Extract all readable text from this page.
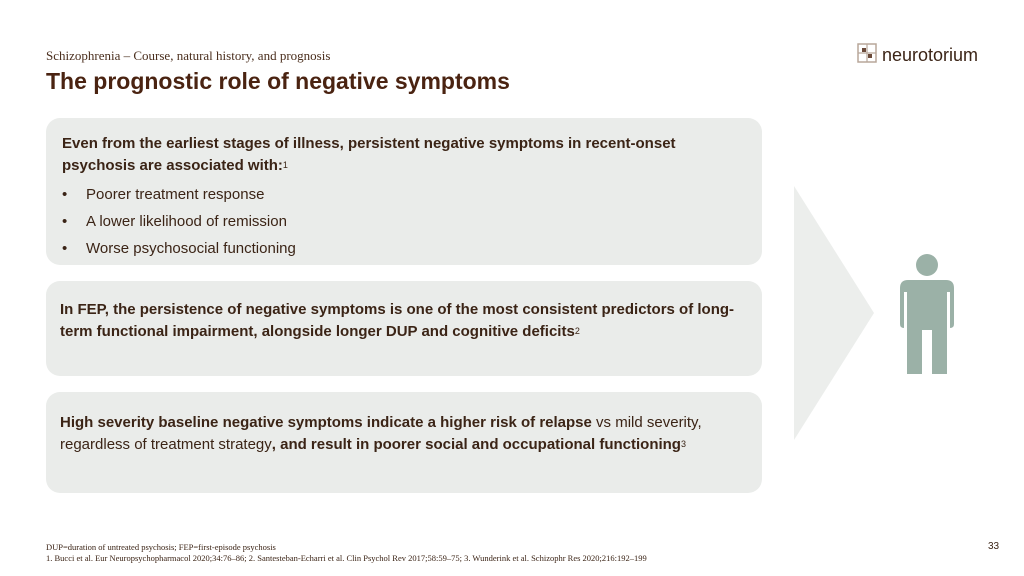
Schizophrenia – Course, natural history, and prognosis
The prognostic role of negative symptoms
neurotorium
Even from the earliest stages of illness, persistent negative symptoms in recent-onset psychosis are associated with:$^1$
• Poorer treatment response
• A lower likelihood of remission
• Worse psychosocial functioning
In FEP, the persistence of negative symptoms is one of the most consistent predictors of long-term functional impairment, alongside longer DUP and cognitive deficits$^2$
High severity baseline negative symptoms indicate a higher risk of relapse vs mild severity, regardless of treatment strategy, and result in poorer social and occupational functioning$^3$
DUP=duration of untreated psychosis; FEP=first-episode psychosis
1. Bucci et al. Eur Neuropsychopharmacol 2020;34:76–86; 2. Santesteban-Echarri et al. Clin Psychol Rev 2017;58:59–75; 3. Wunderink et al. Schizophr Res 2020;216:192–199
33
